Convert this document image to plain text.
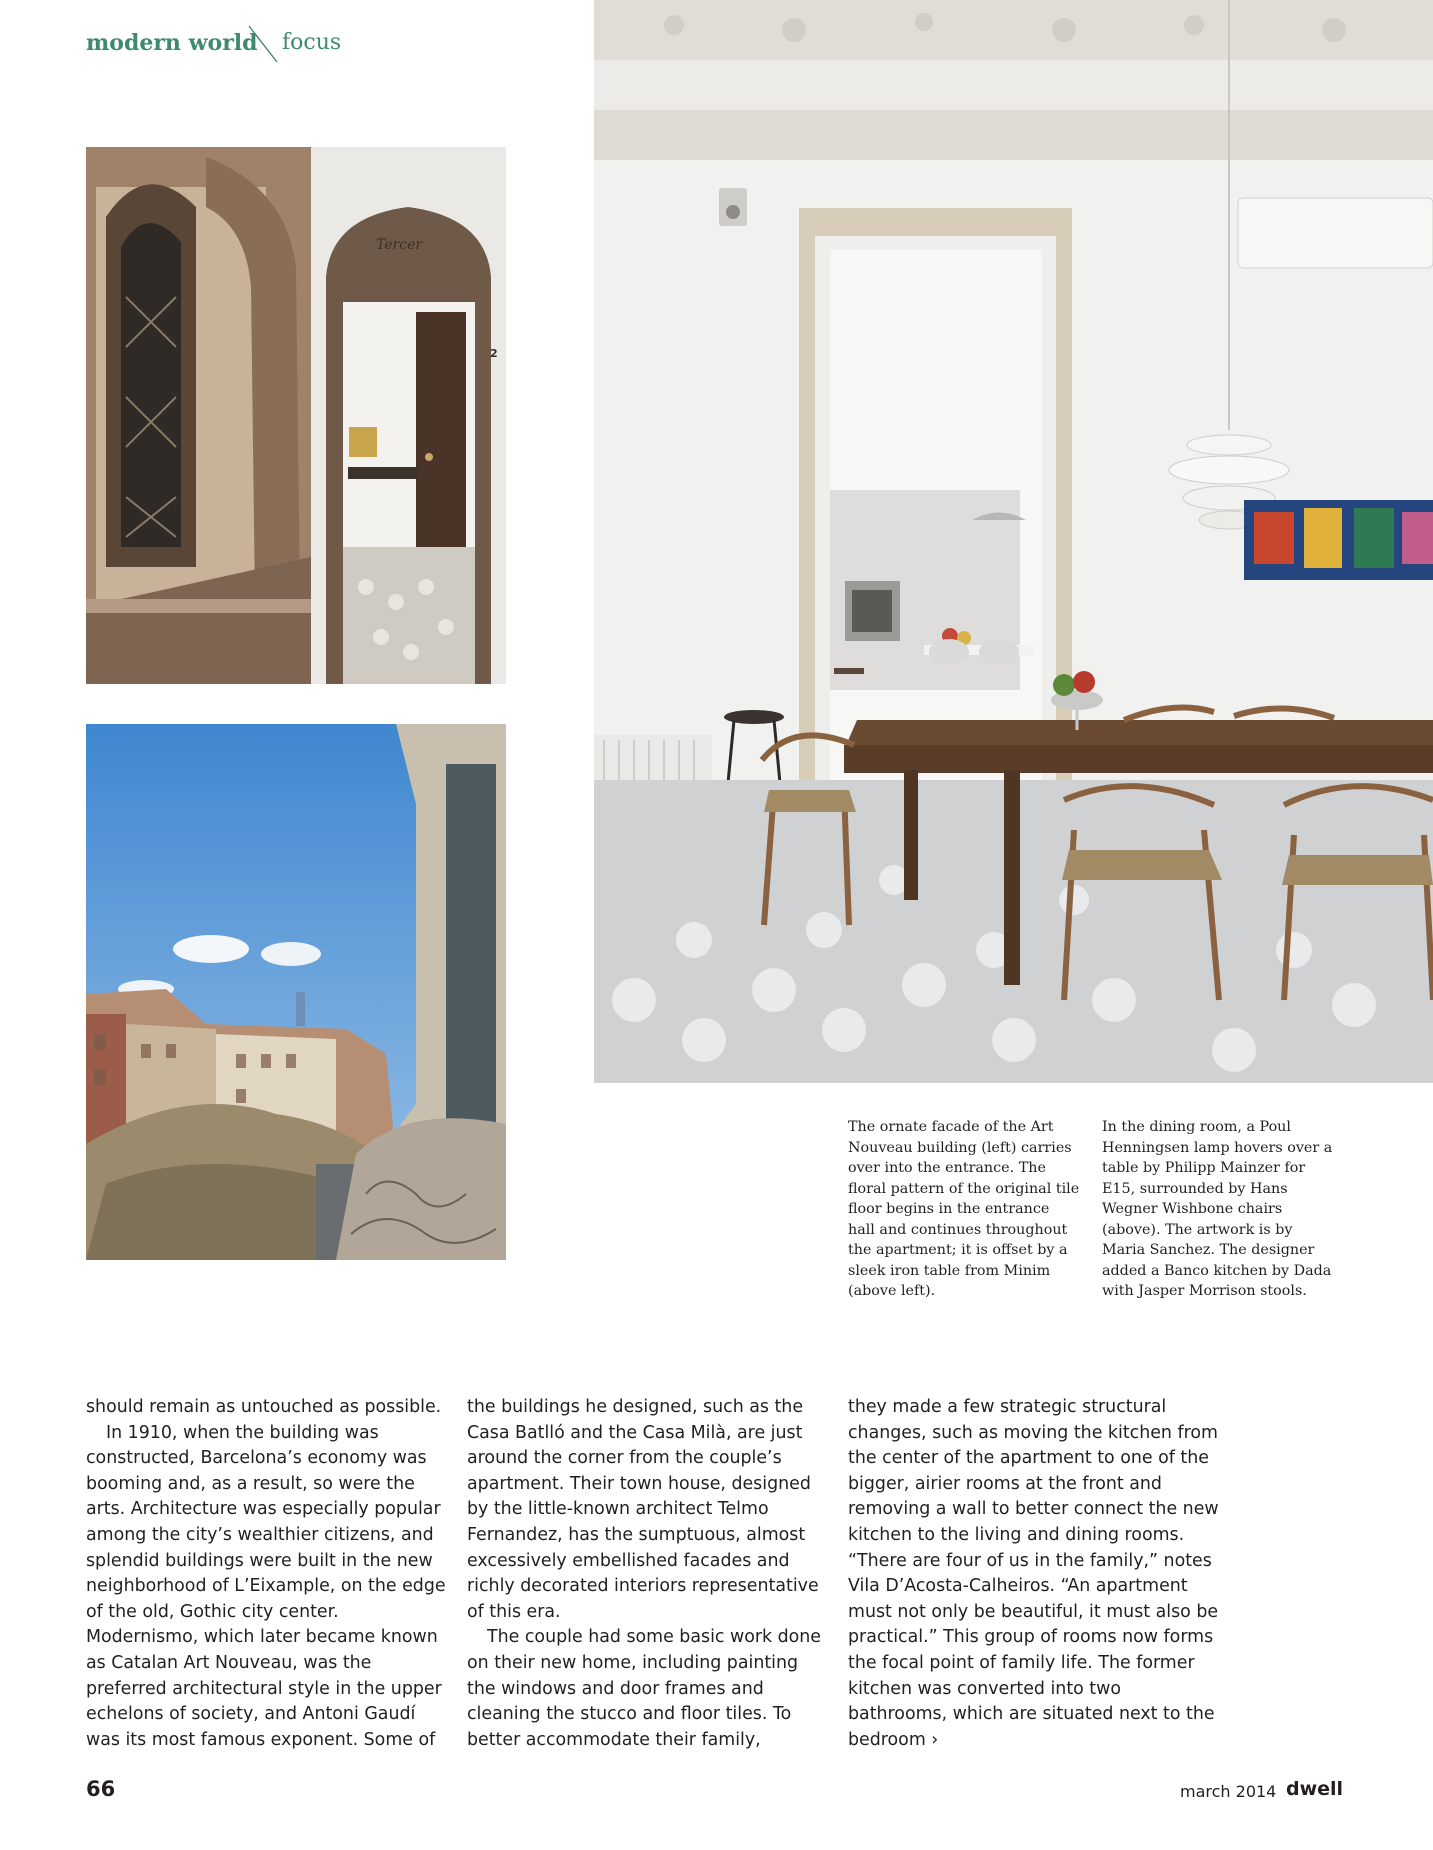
modern world focus
Tercer
2
The ornate facade of the Art Nouveau building (left) carries over into the entrance. The floral pattern of the original tile floor begins in the entrance hall and continues throughout the apartment; it is offset by a sleek iron table from Minim (above left).
In the dining room, a Poul Henningsen lamp hovers over a table by Philipp Mainzer for E15, surrounded by Hans Wegner Wishbone chairs (above). The artwork is by Maria Sanchez. The designer added a Banco kitchen by Dada with Jasper Morrison stools.

should remain as untouched as possible.

In 1910, when the building was constructed, Barcelona’s economy was booming and, as a result, so were the arts. Architecture was especially popular among the city’s wealthier citizens, and splendid buildings were built in the new neighborhood of L’Eixample, on the edge of the old, Gothic city center. Modernismo, which later became known as Catalan Art Nouveau, was the preferred architectural style in the upper echelons of society, and Antoni Gaudí was its most famous exponent. Some of

the buildings he designed, such as the Casa Batlló and the Casa Milà, are just around the corner from the couple’s apartment. Their town house, designed by the little-known architect Telmo Fernandez, has the sumptuous, almost excessively embellished facades and richly decorated interiors representative of this era.

The couple had some basic work done on their new home, including painting the windows and door frames and cleaning the stucco and floor tiles. To better accommodate their family,

they made a few strategic structural changes, such as moving the kitchen from the center of the apartment to one of the bigger, airier rooms at the front and removing a wall to better connect the new kitchen to the living and dining rooms. “There are four of us in the family,” notes Vila D’Acosta-Calheiros. “An apartment must not only be beautiful, it must also be practical.” This group of rooms now forms the focal point of family life. The former kitchen was converted into two bathrooms, which are situated next to the bedroom ›

66	march 2014 dwell
